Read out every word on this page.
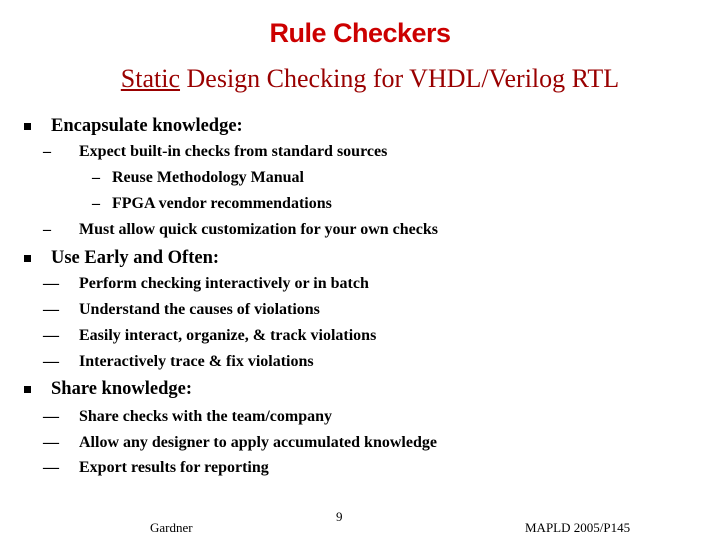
Rule Checkers
Static Design Checking for VHDL/Verilog RTL
Encapsulate knowledge:
– Expect built-in checks from standard sources
– Reuse Methodology Manual
– FPGA vendor recommendations
– Must allow quick customization for your own checks
Use Early and Often:
— Perform checking interactively or in batch
— Understand the causes of violations
— Easily interact, organize, & track violations
— Interactively trace & fix violations
Share knowledge:
— Share checks with the team/company
— Allow any designer to apply accumulated knowledge
— Export results for reporting
Gardner
9
MAPLD 2005/P145
